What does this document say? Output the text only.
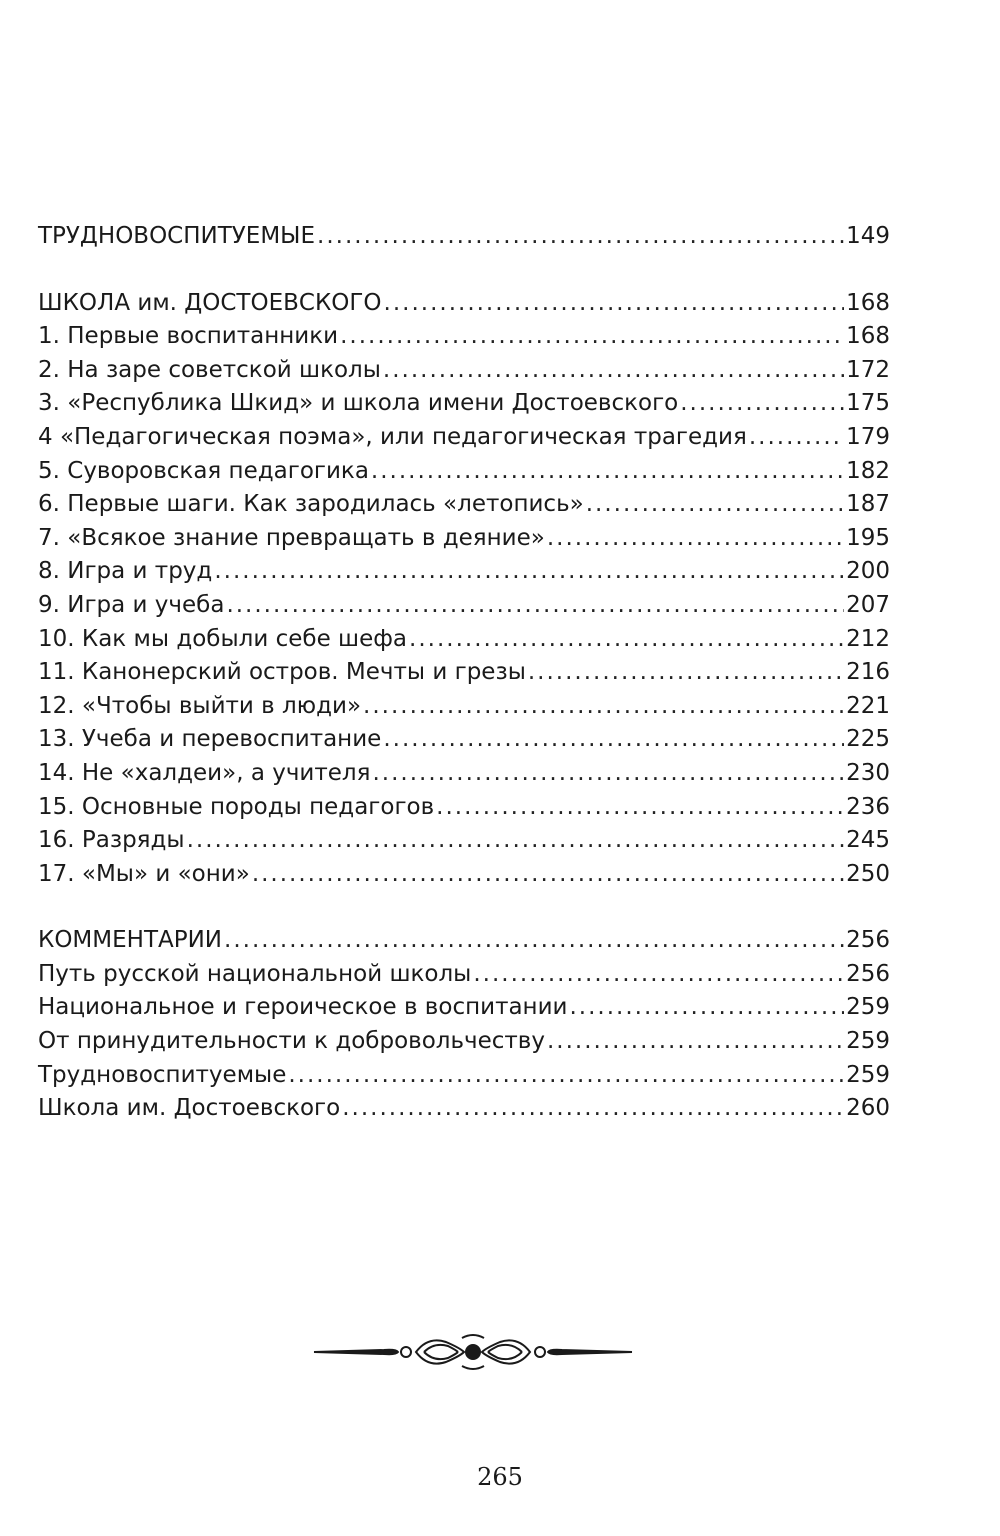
ТРУДНОВОСПИТУЕМЫЕ .....	149
ШКОЛА им. ДОСТОЕВСКОГО .....	168
1. Первые воспитанники .....	168
2. На заре советской школы .....	172
3. «Республика Шкид» и школа имени Достоевского .....	175
4 «Педагогическая поэма», или педагогическая трагедия .....	179
5. Суворовская педагогика .....	182
6. Первые шаги. Как зародилась «летопись» .....	187
7. «Всякое знание превращать в деяние» .....	195
8. Игра и труд .....	200
9. Игра и учеба .....	207
10. Как мы добыли себе шефа .....	212
11. Канонерский остров. Мечты и грезы .....	216
12. «Чтобы выйти в люди» .....	221
13. Учеба и перевоспитание .....	225
14. Не «халдеи», а учителя .....	230
15. Основные породы педагогов .....	236
16. Разряды .....	245
17. «Мы» и «они» .....	250
КОММЕНТАРИИ .....	256
Путь русской национальной школы .....	256
Национальное и героическое в воспитании .....	259
От принудительности к добровольчеству .....	259
Трудновоспитуемые .....	259
Школа им. Достоевского .....	260
265
